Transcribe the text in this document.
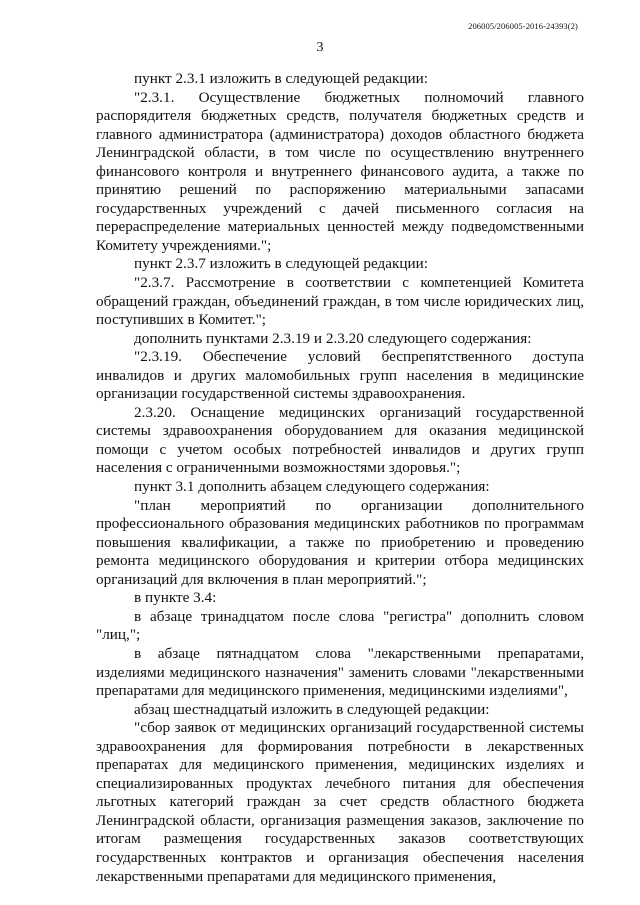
206005/206005-2016-24393(2)
3

пункт 2.3.1 изложить в следующей редакции:

"2.3.1. Осуществление бюджетных полномочий главного распорядителя бюджетных средств, получателя бюджетных средств и главного администратора (администратора) доходов областного бюджета Ленинградской области, в том числе по осуществлению внутреннего финансового контроля и внутреннего финансового аудита, а также по принятию решений по распоряжению материальными запасами государственных учреждений с дачей письменного согласия на перераспределение материальных ценностей между подведомственными Комитету учреждениями.";

пункт 2.3.7 изложить в следующей редакции:

"2.3.7. Рассмотрение в соответствии с компетенцией Комитета обращений граждан, объединений граждан, в том числе юридических лиц, поступивших в Комитет.";

дополнить пунктами 2.3.19 и 2.3.20 следующего содержания:

"2.3.19. Обеспечение условий беспрепятственного доступа инвалидов и других маломобильных групп населения в медицинские организации государственной системы здравоохранения.

2.3.20. Оснащение медицинских организаций государственной системы здравоохранения оборудованием для оказания медицинской помощи с учетом особых потребностей инвалидов и других групп населения с ограниченными возможностями здоровья.";

пункт 3.1 дополнить абзацем следующего содержания:

"план мероприятий по организации дополнительного профессионального образования медицинских работников по программам повышения квалификации, а также по приобретению и проведению ремонта медицинского оборудования и критерии отбора медицинских организаций для включения в план мероприятий.";

в пункте 3.4:

в абзаце тринадцатом после слова "регистра" дополнить словом "лиц,";

в абзаце пятнадцатом слова "лекарственными препаратами, изделиями медицинского назначения" заменить словами "лекарственными препаратами для медицинского применения, медицинскими изделиями",

абзац шестнадцатый изложить в следующей редакции:

"сбор заявок от медицинских организаций государственной системы здравоохранения для формирования потребности в лекарственных препаратах для медицинского применения, медицинских изделиях и специализированных продуктах лечебного питания для обеспечения льготных категорий граждан за счет средств областного бюджета Ленинградской области, организация размещения заказов, заключение по итогам размещения государственных заказов соответствующих государственных контрактов и организация обеспечения населения лекарственными препаратами для медицинского применения,
